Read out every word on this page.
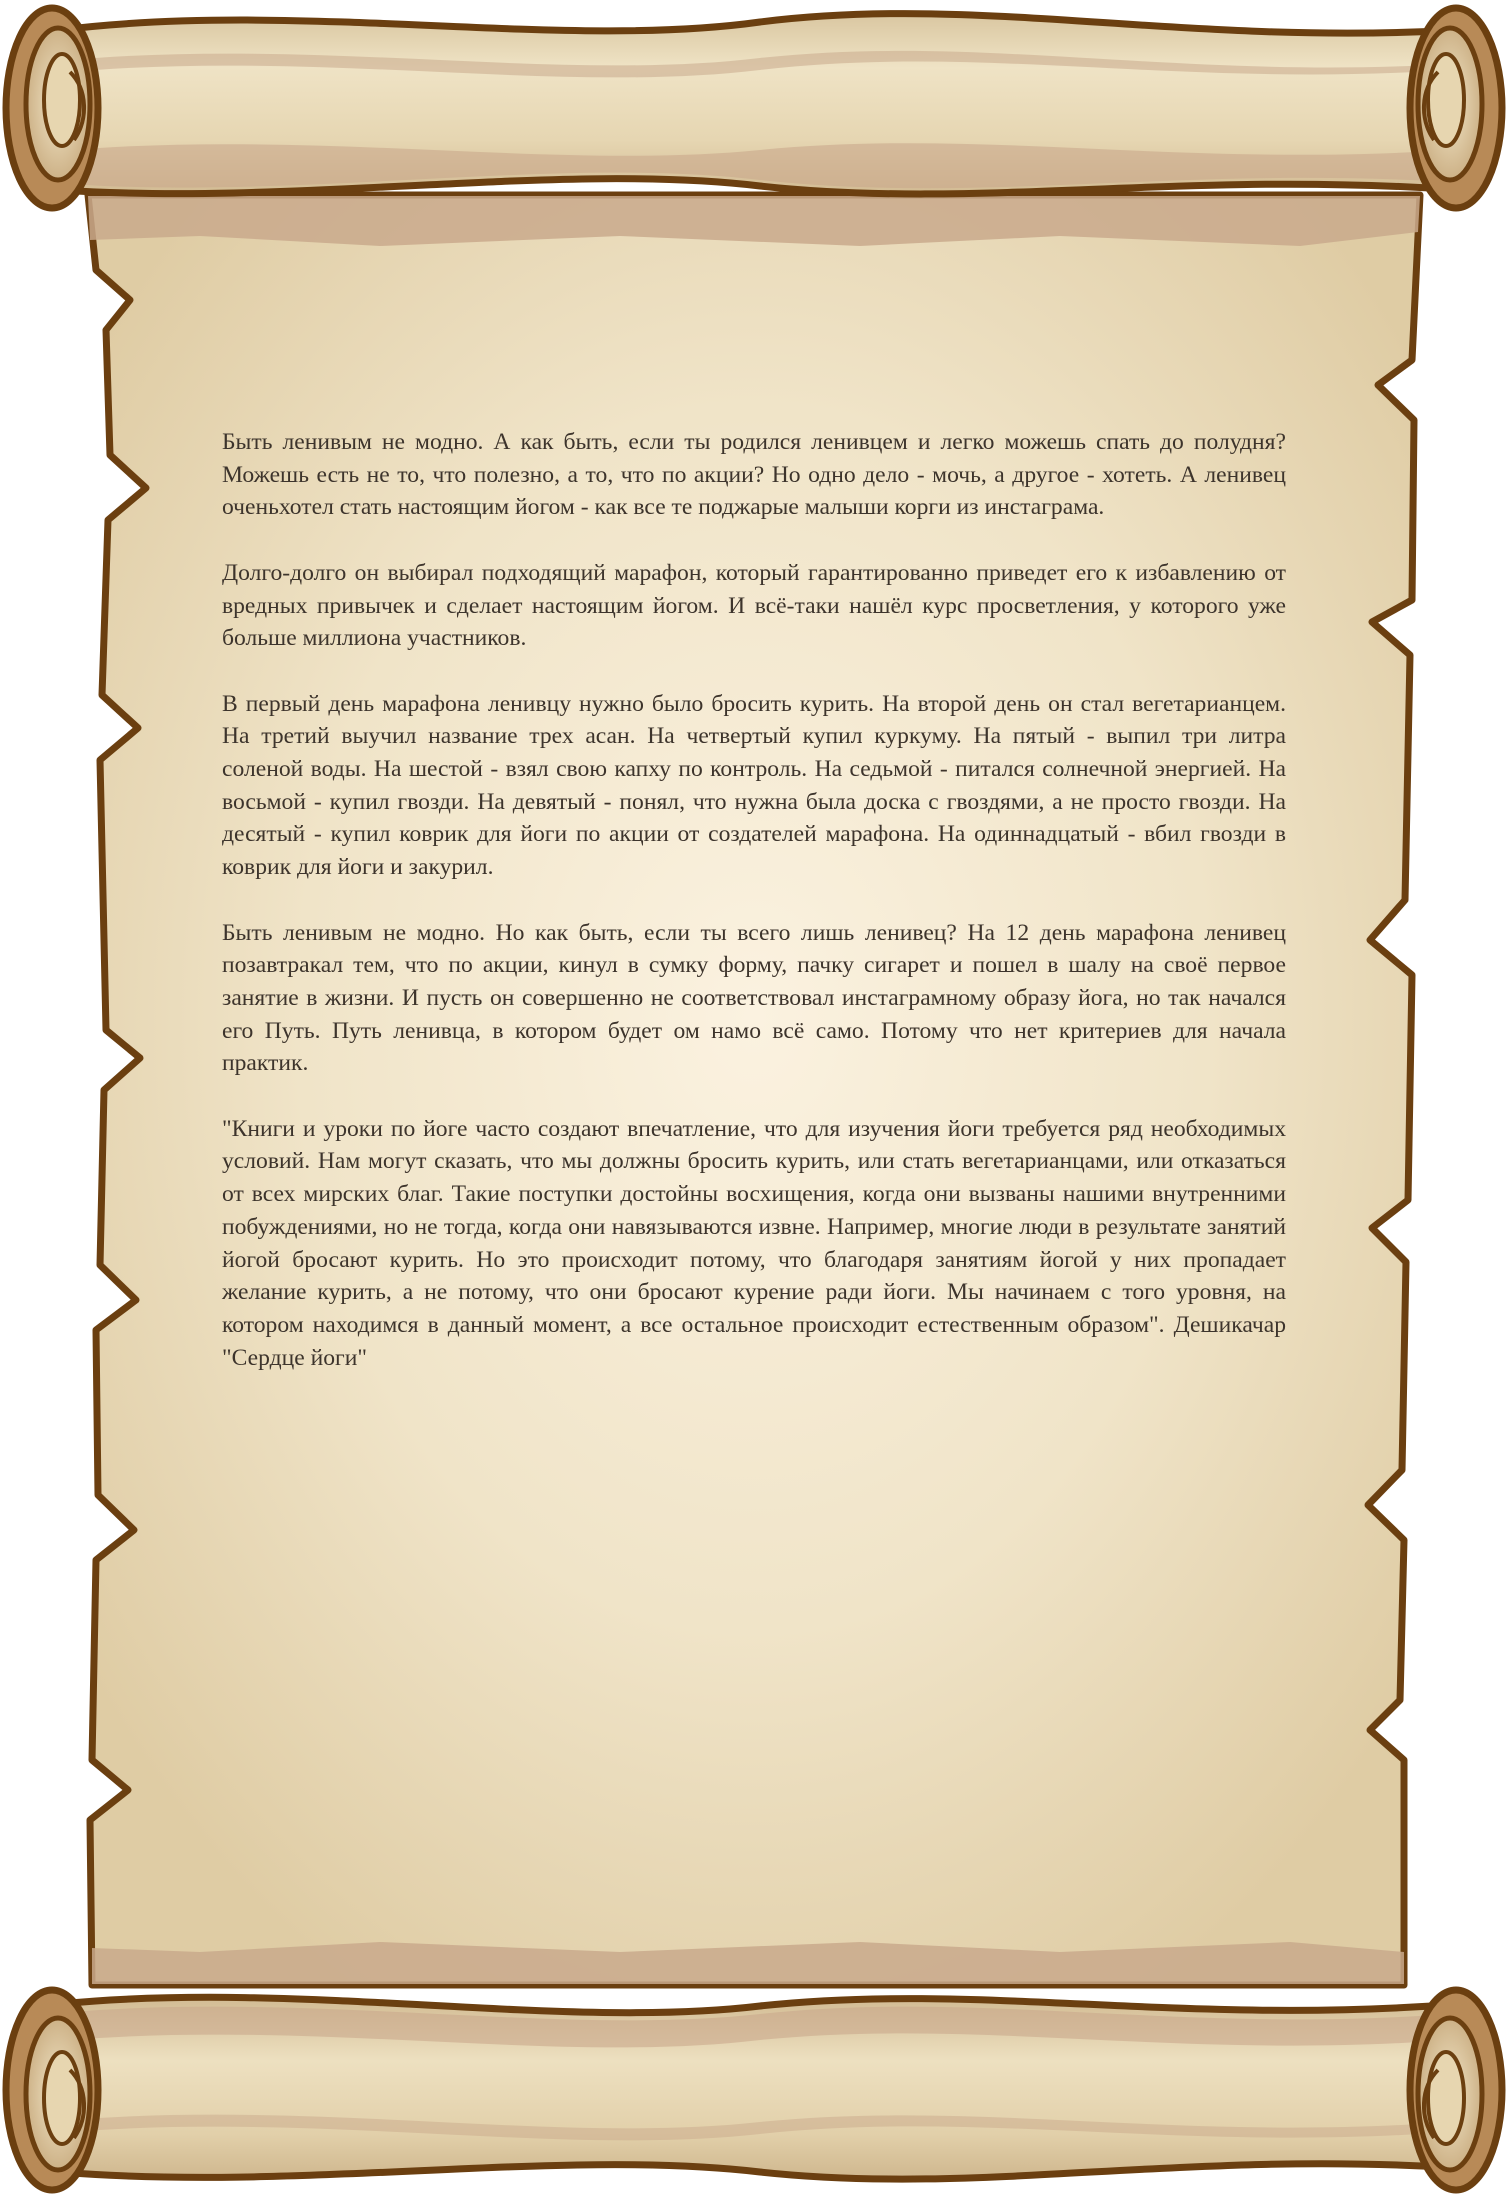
Быть ленивым не модно. А как быть, если ты родился ленивцем и легко можешь спать до полудня? Можешь есть не то, что полезно, а то, что по акции? Но одно дело - мочь, а другое - хотеть. А ленивец оченьхотел стать настоящим йогом - как все те поджарые малыши корги из инстаграма.

Долго-долго он выбирал подходящий марафон, который гарантированно приведет его к избавлению от вредных привычек и сделает настоящим йогом. И всё-таки нашёл курс просветления, у которого уже больше миллиона участников.

В первый день марафона ленивцу нужно было бросить курить. На второй день он стал вегетарианцем. На третий выучил название трех асан. На четвертый купил куркуму. На пятый - выпил три литра соленой воды. На шестой - взял свою капху по контроль. На седьмой - питался солнечной энергией. На восьмой - купил гвозди. На девятый - понял, что нужна была доска с гвоздями, а не просто гвозди. На десятый - купил коврик для йоги по акции от создателей марафона. На одиннадцатый - вбил гвозди в коврик для йоги и закурил.

Быть ленивым не модно. Но как быть, если ты всего лишь ленивец? На 12 день марафона ленивец позавтракал тем, что по акции, кинул в сумку форму, пачку сигарет и пошел в шалу на своё первое занятие в жизни. И пусть он совершенно не соответствовал инстаграмному образу йога, но так начался его Путь. Путь ленивца, в котором будет ом намо всё само. Потому что нет критериев для начала практик.

"Книги и уроки по йоге часто создают впечатление, что для изучения йоги требуется ряд необходимых условий. Нам могут сказать, что мы должны бросить курить, или стать вегетарианцами, или отказаться от всех мирских благ. Такие поступки достойны восхищения, когда они вызваны нашими внутренними побуждениями, но не тогда, когда они навязываются извне. Например, многие люди в результате занятий йогой бросают курить. Но это происходит потому, что благодаря занятиям йогой у них пропадает желание курить, а не потому, что они бросают курение ради йоги. Мы начинаем с того уровня, на котором находимся в данный момент, а все остальное происходит естественным образом". Дешикачар "Сердце йоги"
